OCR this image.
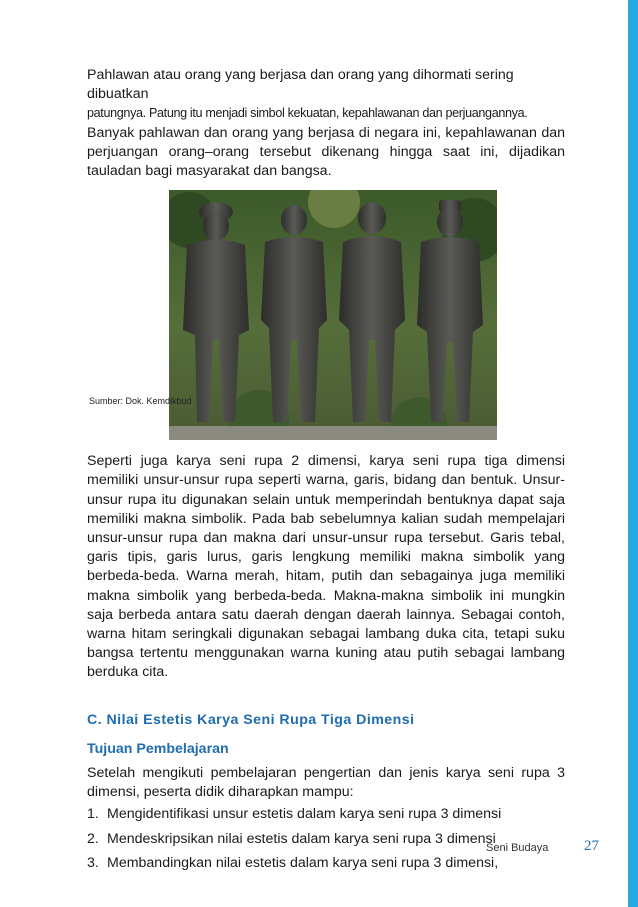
Pahlawan atau orang yang berjasa dan orang yang dihormati sering dibuatkan

patungnya. Patung itu menjadi simbol kekuatan, kepahlawanan dan perjuangannya.

Banyak pahlawan dan orang yang berjasa di negara ini, kepahlawanan dan perjuangan orang–orang tersebut dikenang hingga saat ini, dijadikan tauladan bagi masyarakat dan bangsa.

Seperti juga karya seni rupa 2 dimensi, karya seni rupa tiga dimensi memiliki unsur-unsur rupa seperti warna, garis, bidang dan bentuk. Unsur-unsur rupa itu digunakan selain untuk memperindah bentuknya dapat saja memiliki makna simbolik. Pada bab sebelumnya kalian sudah mempelajari unsur-unsur rupa dan makna dari unsur-unsur rupa tersebut. Garis tebal, garis tipis, garis lurus, garis lengkung memiliki makna simbolik yang berbeda-beda. Warna merah, hitam, putih dan sebagainya juga memiliki makna simbolik yang berbeda-beda. Makna-makna simbolik ini mungkin saja berbeda antara satu daerah dengan daerah lainnya. Sebagai contoh, warna hitam seringkali digunakan sebagai lambang duka cita, tetapi suku bangsa tertentu menggunakan warna kuning atau putih sebagai lambang berduka cita.

C. Nilai Estetis Karya Seni Rupa Tiga Dimensi

Tujuan Pembelajaran

Setelah mengikuti pembelajaran pengertian dan jenis karya seni rupa 3 dimensi, peserta didik diharapkan mampu:

1. Mengidentifikasi unsur estetis dalam karya seni rupa 3 dimensi
2. Mendeskripsikan nilai estetis dalam karya seni rupa 3 dimensi
3. Membandingkan nilai estetis dalam karya seni rupa 3 dimensi,
Sumber: Dok. Kemdikbud
Seni Budaya 27
